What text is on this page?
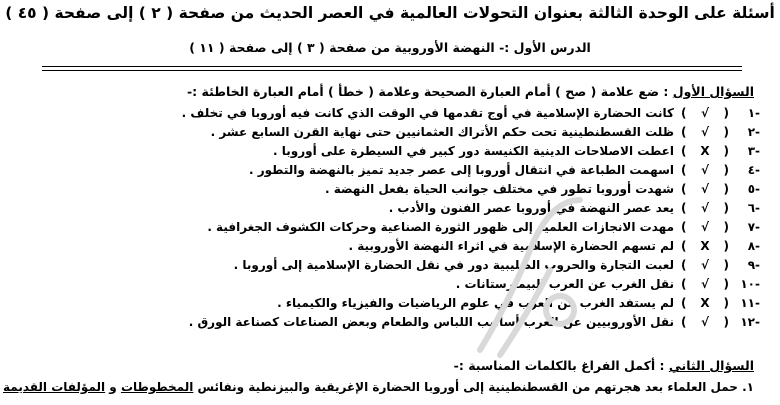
أسئلة على الوحدة الثالثة بعنوان التحولات العالمية في العصر الحديث من صفحة ( ٢ ) إلى صفحة ( ٤٥ )
الدرس الأول :- النهضة الأوروبية من صفحة ( ٣ ) إلى صفحة ( ١١ )
السؤال الأول : ضع علامة ( صح ) أمام العبارة الصحيحة وعلامة ( خطأ ) أمام العبارة الخاطئة :-
-١
(
√
)
كانت الحضارة الإسلامية في أوج تقدمها في الوقت الذي كانت فيه أوروبا في تخلف .
-٢
(
√
)
ظلت القسطنطينية تحت حكم الأتراك العثمانيين حتى نهاية القرن السابع عشر .
-٣
(
X
)
اعطت الاصلاحات الدينية الكنيسة دور كبير في السيطرة على أوروبا .
-٤
(
√
)
اسهمت الطباعة في انتقال أوروبا إلى عصر جديد تميز بالنهضة والتطور .
-٥
(
√
)
شهدت أوروبا تطور في مختلف جوانب الحياة بفعل النهضة .
-٦
(
√
)
يعد عصر النهضة في أوروبا عصر الفنون والأدب .
-٧
(
√
)
مهدت الانجازات العلمية إلى ظهور الثورة الصناعية وحركات الكشوف الجغرافية .
-٨
(
X
)
لم تسهم الحضارة الإسلامية في اثراء النهضة الأوروبية .
-٩
(
√
)
لعبت التجارة والحروب الصليبية دور في نقل الحضارة الإسلامية إلى أوروبا .
-١٠
(
√
)
نقل الغرب عن العرب البيمارستانات .
-١١
(
X
)
لم يستفد الغرب من العرب في علوم الرياضيات والفيزياء والكيمياء .
-١٢
(
√
)
نقل الأوروبيين عن العرب أساليب اللباس والطعام وبعض الصناعات كصناعة الورق .
السؤال الثاني : أكمل الفراغ بالكلمات المناسبة :-
١. حمل العلماء بعد هجرتهم من القسطنطينية إلى أوروبا الحضارة الإغريقية والبيزنطية ونفائس المخطوطات و المؤلفات القديمة
